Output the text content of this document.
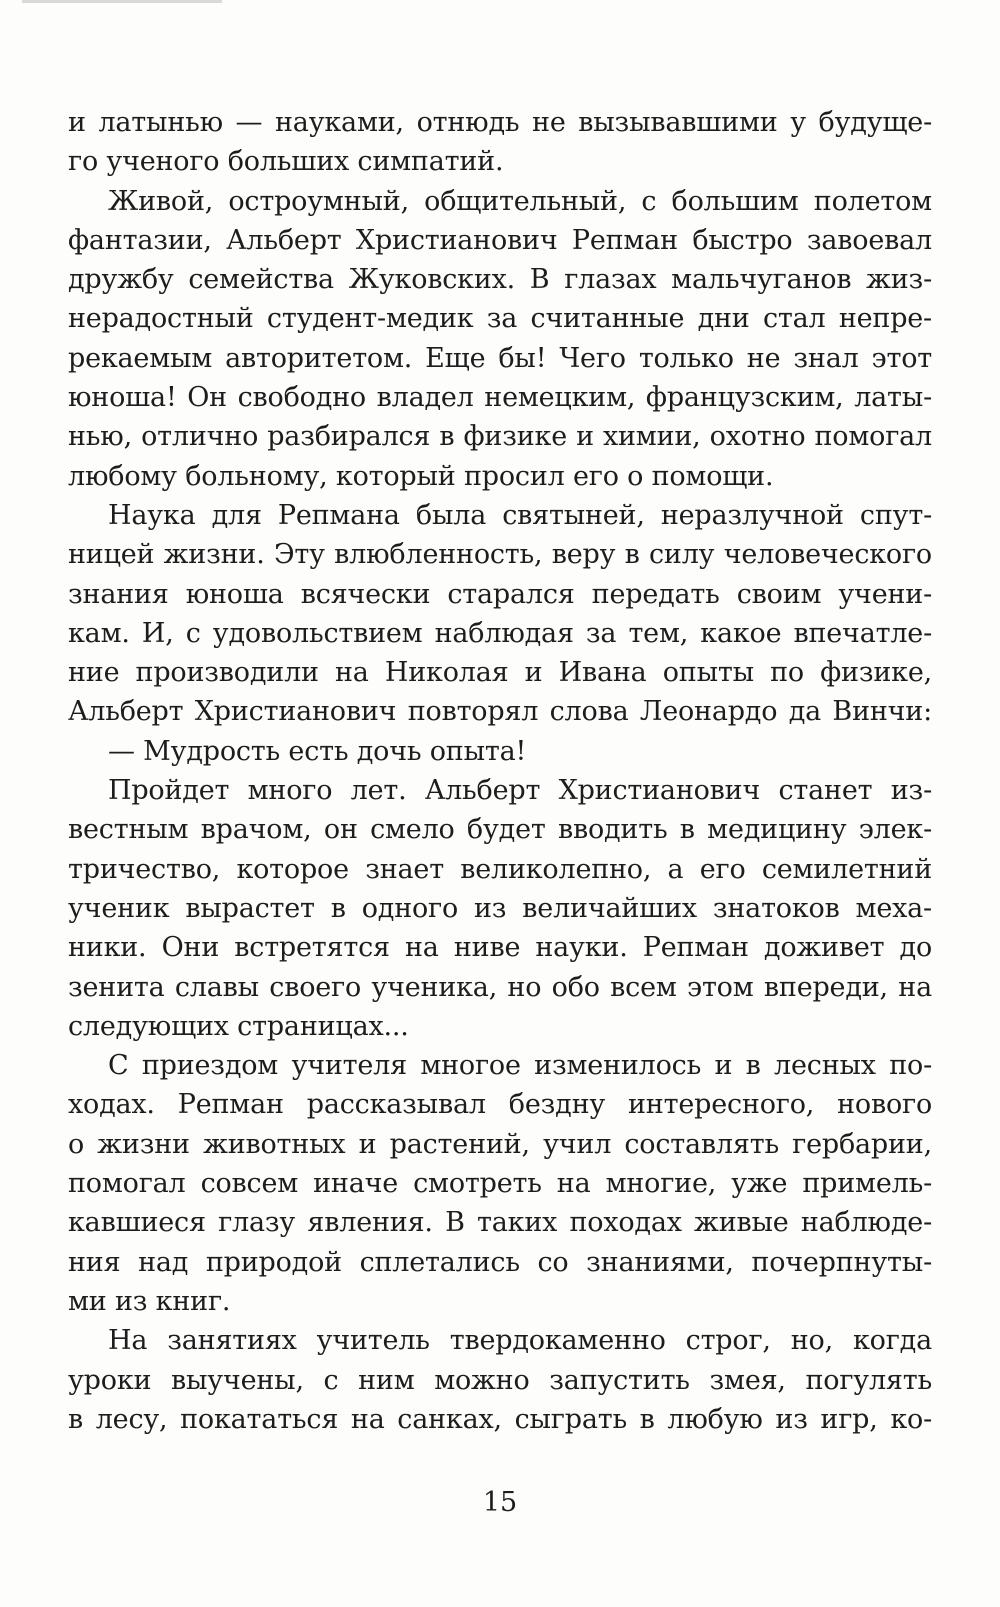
и латынью — науками, отнюдь не вызывавшими у будуще-
го ученого больших симпатий.
Живой, остроумный, общительный, с большим полетом
фантазии, Альберт Христианович Репман быстро завоевал
дружбу семейства Жуковских. В глазах мальчуганов жиз-
нерадостный студент-медик за считанные дни стал непре-
рекаемым авторитетом. Еще бы! Чего только не знал этот
юноша! Он свободно владел немецким, французским, латы-
нью, отлично разбирался в физике и химии, охотно помогал
любому больному, который просил его о помощи.
Наука для Репмана была святыней, неразлучной спут-
ницей жизни. Эту влюбленность, веру в силу человеческого
знания юноша всячески старался передать своим учени-
кам. И, с удовольствием наблюдая за тем, какое впечатле-
ние производили на Николая и Ивана опыты по физике,
Альберт Христианович повторял слова Леонардо да Винчи:
— Мудрость есть дочь опыта!
Пройдет много лет. Альберт Христианович станет из-
вестным врачом, он смело будет вводить в медицину элек-
тричество, которое знает великолепно, а его семилетний
ученик вырастет в одного из величайших знатоков меха-
ники. Они встретятся на ниве науки. Репман доживет до
зенита славы своего ученика, но обо всем этом впереди, на
следующих страницах...
С приездом учителя многое изменилось и в лесных по-
ходах. Репман рассказывал бездну интересного, нового
о жизни животных и растений, учил составлять гербарии,
помогал совсем иначе смотреть на многие, уже примель-
кавшиеся глазу явления. В таких походах живые наблюде-
ния над природой сплетались со знаниями, почерпнуты-
ми из книг.
На занятиях учитель твердокаменно строг, но, когда
уроки выучены, с ним можно запустить змея, погулять
в лесу, покататься на санках, сыграть в любую из игр, ко-
15
